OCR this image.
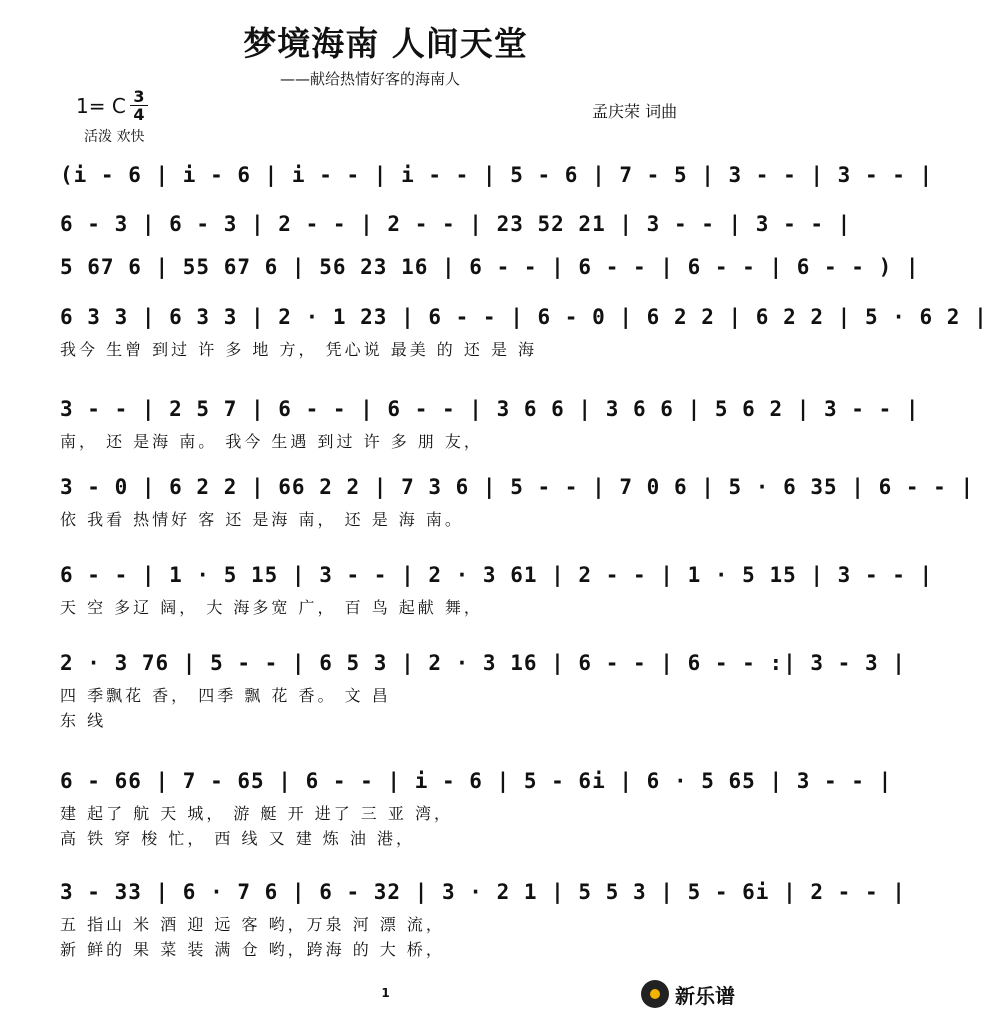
梦境海南 人间天堂
——献给热情好客的海南人
1= C 3
4
活泼 欢快
孟庆荣 词曲
(i - 6 | i - 6 | i - - | i - - | 5 - 6 | 7 - 5 | 3 - - | 3 - - |
6 - 3 | 6 - 3 | 2 - - | 2 - - | 23 52 21 | 3 - - | 3 - - |
5 67 6 | 55 67 6 | 56 23 16 | 6 - - | 6 - - | 6 - - | 6 - - ) |
6 3 3 | 6 3 3 | 2 · 1 23 | 6 - - | 6 - 0 | 6 2 2 | 6 2 2 | 5 · 6 2 |
我今 生曾 到过 许 多 地 方， 凭心说 最美 的 还 是 海
3 - - | 2 5 7 | 6 - - | 6 - - | 3 6 6 | 3 6 6 | 5 6 2 | 3 - - |
南， 还 是海 南。 我今 生遇 到过 许 多 朋 友，
3 - 0 | 6 2 2 | 66 2 2 | 7 3 6 | 5 - - | 7 0 6 | 5 · 6 35 | 6 - - |
依 我看 热情好 客 还 是海 南， 还 是 海 南。
6 - - | 1 · 5 15 | 3 - - | 2 · 3 61 | 2 - - | 1 · 5 15 | 3 - - |
天 空 多辽 阔， 大 海多宽 广， 百 鸟 起献 舞，
2 · 3 76 | 5 - - | 6 5 3 | 2 · 3 16 | 6 - - | 6 - - :| 3 - 3 |
四 季飘花 香， 四季 飘 花 香。 文 昌
东 线
6 - 66 | 7 - 65 | 6 - - | i - 6 | 5 - 6i | 6 · 5 65 | 3 - - |
建 起了 航 天 城， 游 艇 开 进了 三 亚 湾，
高 铁 穿 梭 忙， 西 线 又 建 炼 油 港，
3 - 33 | 6 · 7 6 | 6 - 32 | 3 · 2 1 | 5 5 3 | 5 - 6i | 2 - - |
五 指山 米 酒 迎 远 客 哟，万泉 河 漂 流，
新 鲜的 果 菜 装 满 仓 哟，跨海 的 大 桥，
1	新乐谱
